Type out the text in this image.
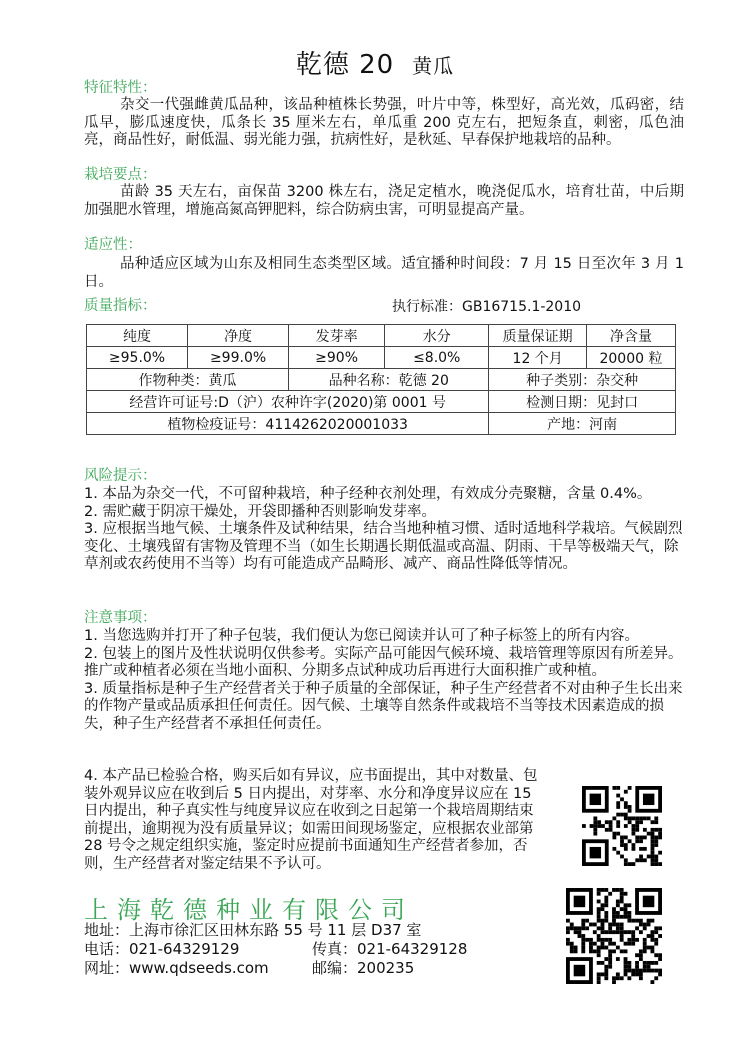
乾德 20 黄瓜
特征特性：
杂交一代强雌黄瓜品种，该品种植株长势强，叶片中等，株型好，高光效，瓜码密，结瓜早，膨瓜速度快，瓜条长 35 厘米左右，单瓜重 200 克左右，把短条直，刺密，瓜色油亮，商品性好，耐低温、弱光能力强，抗病性好，是秋延、早春保护地栽培的品种。
栽培要点：
苗龄 35 天左右，亩保苗 3200 株左右，浇足定植水，晚浇促瓜水，培育壮苗，中后期加强肥水管理，增施高氮高钾肥料，综合防病虫害，可明显提高产量。
适应性：
品种适应区域为山东及相同生态类型区域。适宜播种时间段：7 月 15 日至次年 3 月 1 日。
质量指标：	执行标准：GB16715.1-2010
纯度	净度	发芽率	水分	质量保证期	净含量
≥95.0%	≥99.0%	≥90%	≤8.0%	12 个月	20000 粒
作物种类：黄瓜		品种名称：乾德 20		种子类别：杂交种	
经营许可证号:D（沪）农种许字(2020)第 0001 号				检测日期：见封口	
植物检疫证号：4114262020001033				产地：河南	
风险提示：

1. 本品为杂交一代，不可留种栽培，种子经种衣剂处理，有效成分壳聚糖，含量 0.4%。

2. 需贮藏于阴凉干燥处，开袋即播种否则影响发芽率。

3. 应根据当地气候、土壤条件及试种结果，结合当地种植习惯、适时适地科学栽培。气候剧烈变化、土壤残留有害物及管理不当（如生长期遇长期低温或高温、阴雨、干旱等极端天气，除草剂或农药使用不当等）均有可能造成产品畸形、减产、商品性降低等情况。

注意事项：

1. 当您选购并打开了种子包装，我们便认为您已阅读并认可了种子标签上的所有内容。

2. 包装上的图片及性状说明仅供参考。实际产品可能因气候环境、栽培管理等原因有所差异。推广或种植者必须在当地小面积、分期多点试种成功后再进行大面积推广或种植。

3. 质量指标是种子生产经营者关于种子质量的全部保证，种子生产经营者不对由种子生长出来的作物产量或品质承担任何责任。因气候、土壤等自然条件或栽培不当等技术因素造成的损失，种子生产经营者不承担任何责任。

4. 本产品已检验合格，购买后如有异议，应书面提出，其中对数量、包装外观异议应在收到后 5 日内提出，对芽率、水分和净度异议应在 15 日内提出，种子真实性与纯度异议应在收到之日起第一个栽培周期结束前提出，逾期视为没有质量异议；如需田间现场鉴定，应根据农业部第 28 号令之规定组织实施，鉴定时应提前书面通知生产经营者参加，否则，生产经营者对鉴定结果不予认可。
上海乾德种业有限公司
地址：上海市徐汇区田林东路 55 号 11 层 D37 室
电话：021-64329129	传真：021-64329128
网址：www.qdseeds.com	邮编：200235
